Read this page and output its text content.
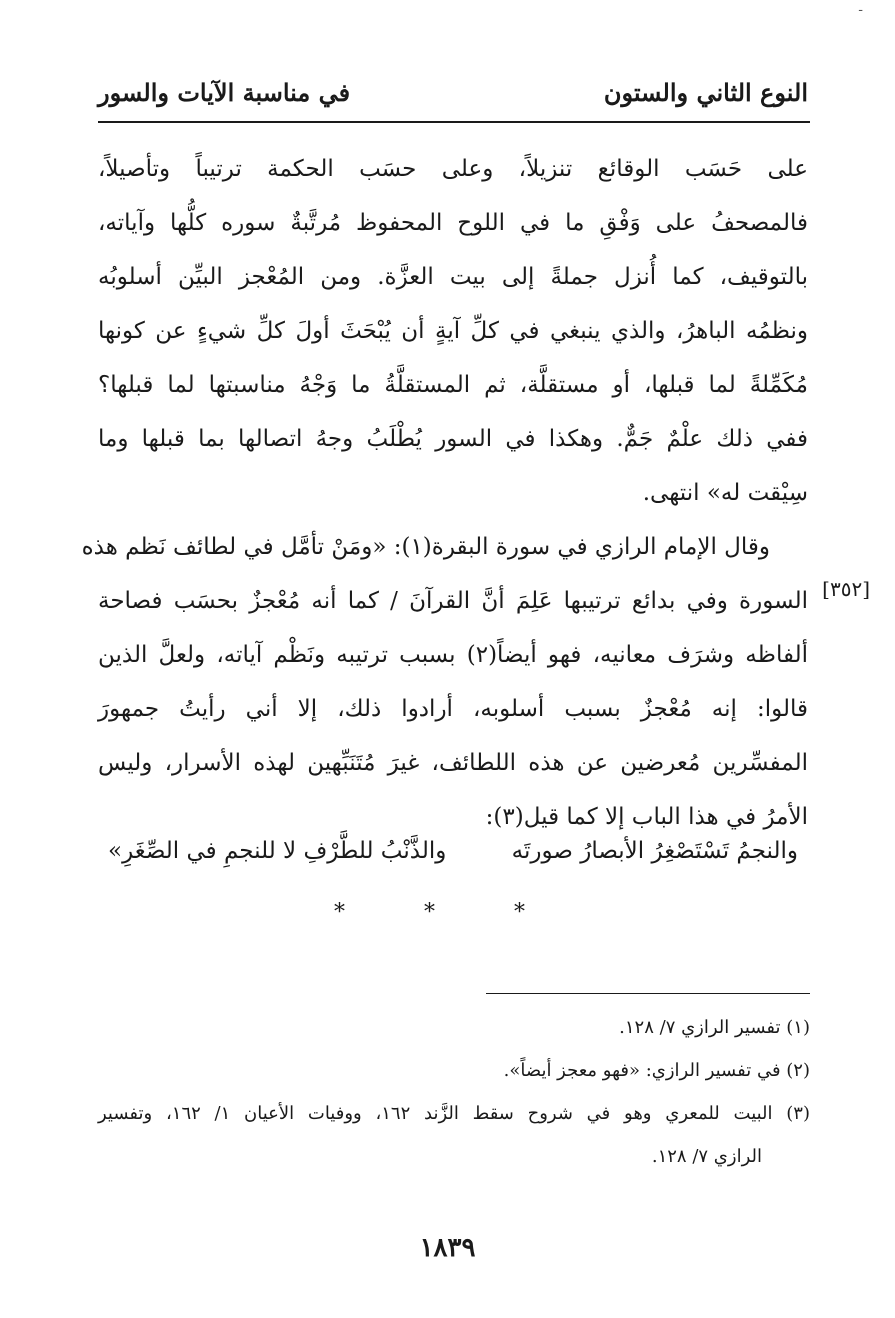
-
النوع الثاني والستون
في مناسبة الآيات والسور
على حَسَب الوقائع تنزيلاً، وعلى حسَب الحكمة ترتيباً وتأصيلاً،
فالمصحفُ على وَفْقِ ما في اللوح المحفوظ مُرتَّبةٌ سوره كلُّها وآياته،
بالتوقيف، كما أُنزل جملةً إلى بيت العزَّة. ومن المُعْجز البيِّن أسلوبُه
ونظمُه الباهرُ، والذي ينبغي في كلِّ آيةٍ أن يُبْحَثَ أولَ كلِّ شيءٍ عن كونها
مُكَمِّلةً لما قبلها، أو مستقلَّة، ثم المستقلَّةُ ما وَجْهُ مناسبتها لما قبلها؟
ففي ذلك علْمٌ جَمٌّ. وهكذا في السور يُطْلَبُ وجهُ اتصالها بما قبلها وما
سِيْقت له» انتهى.
وقال الإمام الرازي في سورة البقرة(١): «ومَنْ تأمَّل في لطائف نَظم هذه
السورة وفي بدائع ترتيبها عَلِمَ أنَّ القرآنَ / كما أنه مُعْجزٌ بحسَب فصاحة
ألفاظه وشرَف معانيه، فهو أيضاً(٢) بسبب ترتيبه ونَظْم آياته، ولعلَّ الذين
قالوا: إنه مُعْجزٌ بسبب أسلوبه، أرادوا ذلك، إلا أني رأيتُ جمهورَ
المفسِّرين مُعرضين عن هذه اللطائف، غيرَ مُتَنَبِّهين لهذه الأسرار، وليس
الأمرُ في هذا الباب إلا كما قيل(٣):
[٣٥٢]
والنجمُ تَسْتَصْغِرُ الأبصارُ صورتَه
والذَّنْبُ للطَّرْفِ لا للنجمِ في الصِّغَرِ»
* * *
(١) تفسير الرازي ٧/ ١٢٨.
(٢) في تفسير الرازي: «فهو معجز أيضاً».
(٣) البيت للمعري وهو في شروح سقط الزَّند ١٦٢، ووفيات الأعيان ١/ ١٦٢، وتفسير
الرازي ٧/ ١٢٨.
١٨٣٩
